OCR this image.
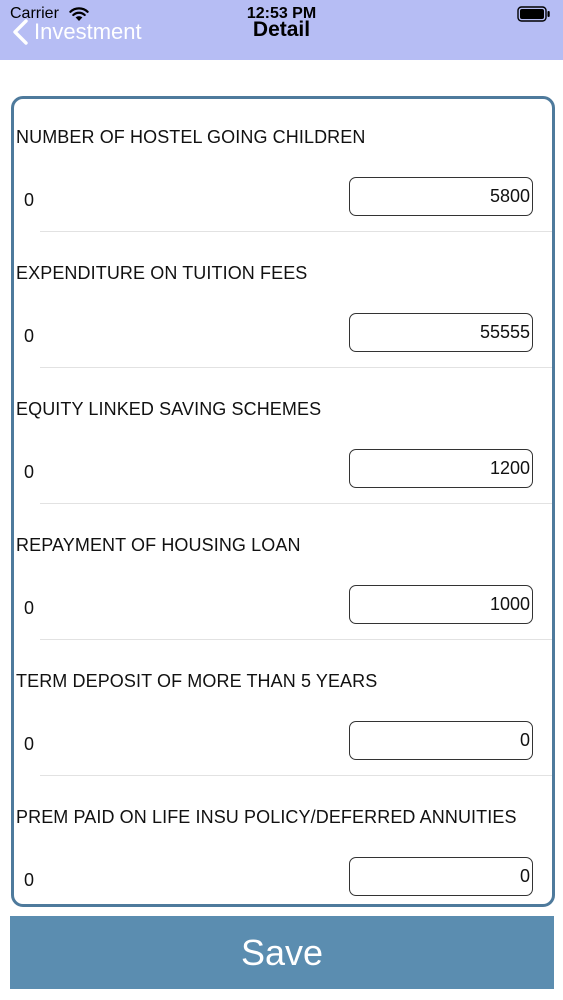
Carrier	12:53 PM
Investment	Detail
NUMBER OF HOSTEL GOING CHILDREN
0
5800
EXPENDITURE ON TUITION FEES
0
55555
EQUITY LINKED SAVING SCHEMES
0
1200
REPAYMENT OF HOUSING LOAN
0
1000
TERM DEPOSIT OF MORE THAN 5 YEARS
0
0
PREM PAID ON LIFE INSU POLICY/DEFERRED ANNUITIES
0
0
Save
